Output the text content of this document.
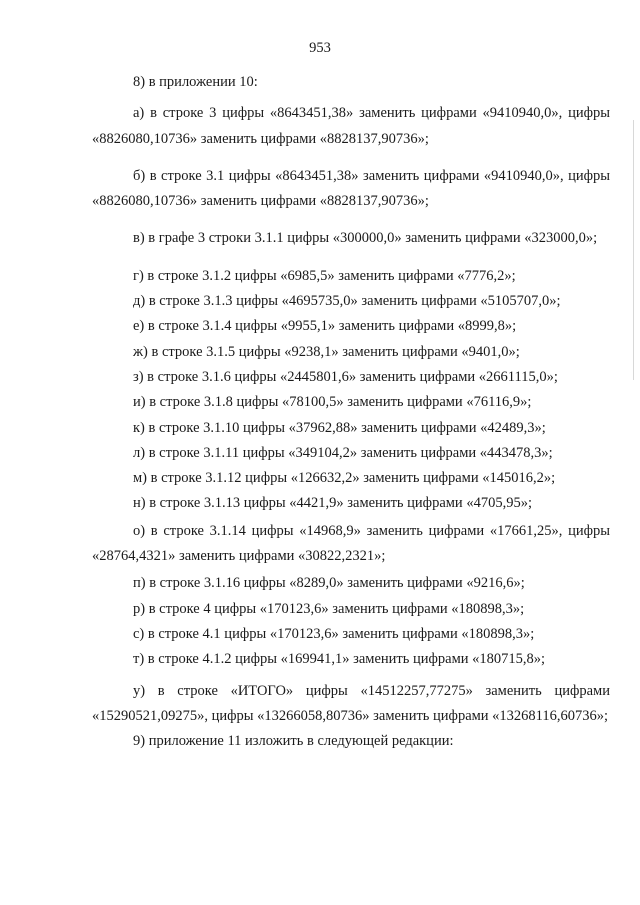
953

8) в приложении 10:

а) в строке 3 цифры «8643451,38» заменить цифрами «9410940,0», цифры «8826080,10736» заменить цифрами «8828137,90736»;

б) в строке 3.1 цифры «8643451,38» заменить цифрами «9410940,0», цифры «8826080,10736» заменить цифрами «8828137,90736»;

в) в графе 3 строки 3.1.1 цифры «300000,0» заменить цифрами «323000,0»;

г) в строке 3.1.2 цифры «6985,5» заменить цифрами «7776,2»;

д) в строке 3.1.3 цифры «4695735,0» заменить цифрами «5105707,0»;

е) в строке 3.1.4 цифры «9955,1» заменить цифрами «8999,8»;

ж) в строке 3.1.5 цифры «9238,1» заменить цифрами «9401,0»;

з) в строке 3.1.6 цифры «2445801,6» заменить цифрами «2661115,0»;

и) в строке 3.1.8 цифры «78100,5» заменить цифрами «76116,9»;

к) в строке 3.1.10 цифры «37962,88» заменить цифрами «42489,3»;

л) в строке 3.1.11 цифры «349104,2» заменить цифрами «443478,3»;

м) в строке 3.1.12 цифры «126632,2» заменить цифрами «145016,2»;

н) в строке 3.1.13 цифры «4421,9» заменить цифрами «4705,95»;

о) в строке 3.1.14 цифры «14968,9» заменить цифрами «17661,25», цифры «28764,4321» заменить цифрами «30822,2321»;

п) в строке 3.1.16 цифры «8289,0» заменить цифрами «9216,6»;

р) в строке 4 цифры «170123,6» заменить цифрами «180898,3»;

с) в строке 4.1 цифры «170123,6» заменить цифрами «180898,3»;

т) в строке 4.1.2 цифры «169941,1» заменить цифрами «180715,8»;

у) в строке «ИТОГО» цифры «14512257,77275» заменить цифрами «15290521,09275», цифры «13266058,80736» заменить цифрами «13268116,60736»;

9) приложение 11 изложить в следующей редакции:
